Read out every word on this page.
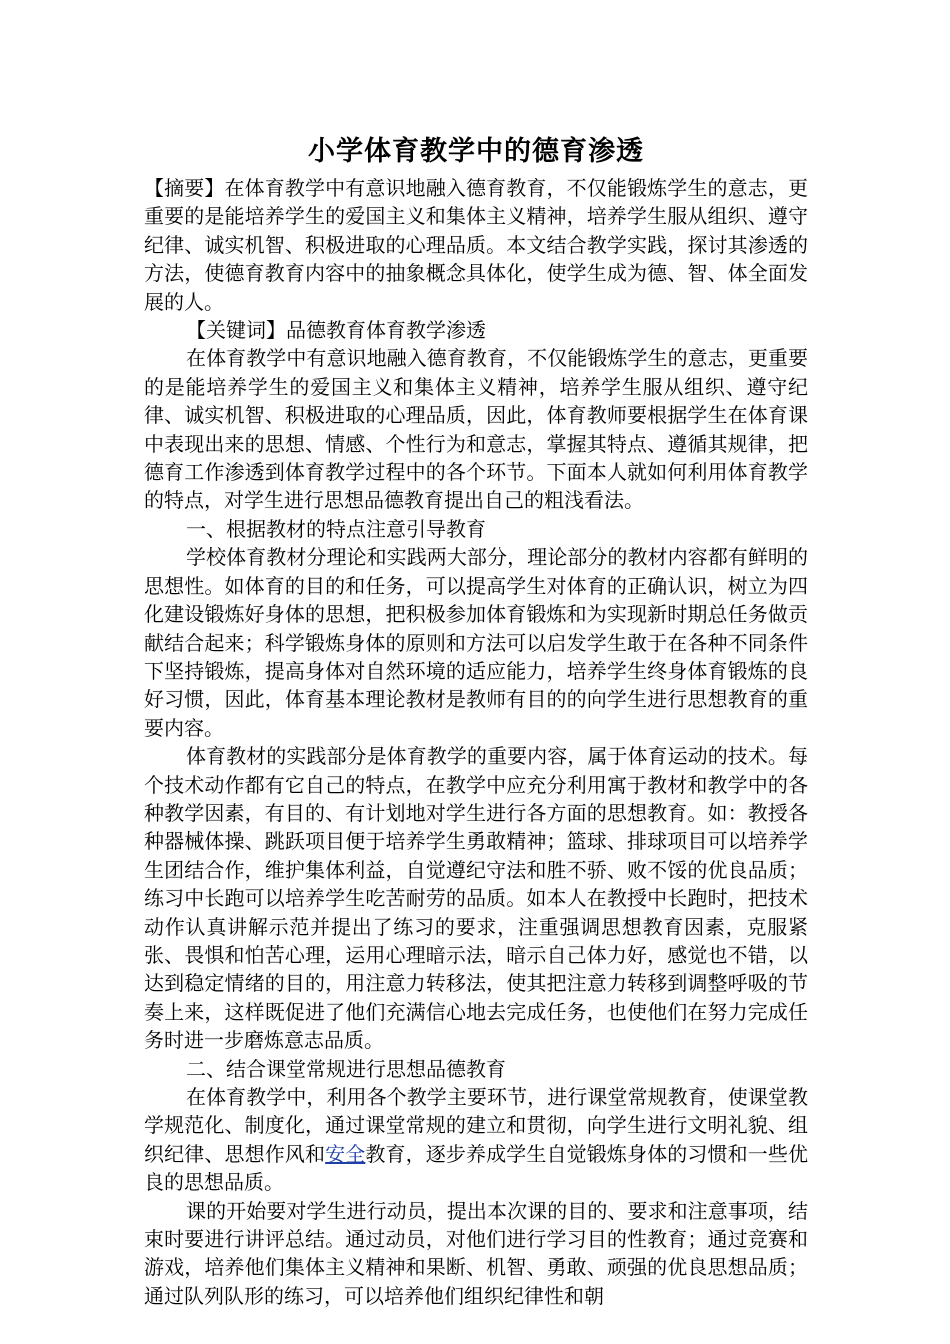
小学体育教学中的德育渗透

【摘要】在体育教学中有意识地融入德育教育，不仅能锻炼学生的意志，更重要的是能培养学生的爱国主义和集体主义精神，培养学生服从组织、遵守纪律、诚实机智、积极进取的心理品质。本文结合教学实践，探讨其渗透的方法，使德育教育内容中的抽象概念具体化，使学生成为德、智、体全面发展的人。

【关键词】品德教育体育教学渗透

在体育教学中有意识地融入德育教育，不仅能锻炼学生的意志，更重要的是能培养学生的爱国主义和集体主义精神，培养学生服从组织、遵守纪律、诚实机智、积极进取的心理品质，因此，体育教师要根据学生在体育课中表现出来的思想、情感、个性行为和意志，掌握其特点、遵循其规律，把德育工作渗透到体育教学过程中的各个环节。下面本人就如何利用体育教学的特点，对学生进行思想品德教育提出自己的粗浅看法。

一、根据教材的特点注意引导教育

学校体育教材分理论和实践两大部分，理论部分的教材内容都有鲜明的思想性。如体育的目的和任务，可以提高学生对体育的正确认识，树立为四化建设锻炼好身体的思想，把积极参加体育锻炼和为实现新时期总任务做贡献结合起来；科学锻炼身体的原则和方法可以启发学生敢于在各种不同条件下坚持锻炼，提高身体对自然环境的适应能力，培养学生终身体育锻炼的良好习惯，因此，体育基本理论教材是教师有目的的向学生进行思想教育的重要内容。

体育教材的实践部分是体育教学的重要内容，属于体育运动的技术。每个技术动作都有它自己的特点，在教学中应充分利用寓于教材和教学中的各种教学因素，有目的、有计划地对学生进行各方面的思想教育。如：教授各种器械体操、跳跃项目便于培养学生勇敢精神；篮球、排球项目可以培养学生团结合作，维护集体利益，自觉遵纪守法和胜不骄、败不馁的优良品质；练习中长跑可以培养学生吃苦耐劳的品质。如本人在教授中长跑时，把技术动作认真讲解示范并提出了练习的要求，注重强调思想教育因素，克服紧张、畏惧和怕苦心理，运用心理暗示法，暗示自己体力好，感觉也不错，以达到稳定情绪的目的，用注意力转移法，使其把注意力转移到调整呼吸的节奏上来，这样既促进了他们充满信心地去完成任务，也使他们在努力完成任务时进一步磨炼意志品质。

二、结合课堂常规进行思想品德教育

在体育教学中，利用各个教学主要环节，进行课堂常规教育，使课堂教学规范化、制度化，通过课堂常规的建立和贯彻，向学生进行文明礼貌、组织纪律、思想作风和安全教育，逐步养成学生自觉锻炼身体的习惯和一些优良的思想品质。

课的开始要对学生进行动员，提出本次课的目的、要求和注意事项，结束时要进行讲评总结。通过动员，对他们进行学习目的性教育；通过竞赛和游戏，培养他们集体主义精神和果断、机智、勇敢、顽强的优良思想品质；通过队列队形的练习，可以培养他们组织纪律性和朝
